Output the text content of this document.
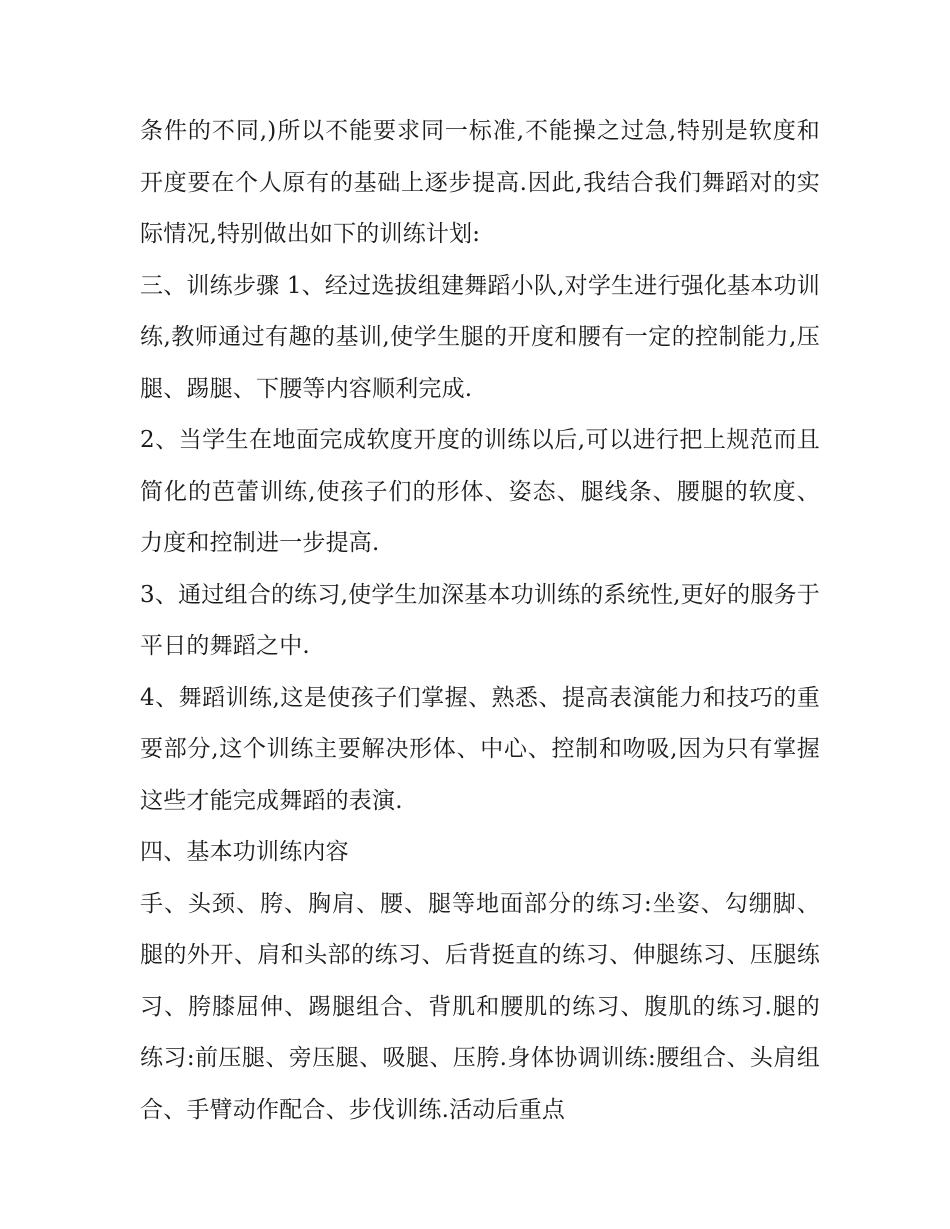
条件的不同,)所以不能要求同一标准,不能操之过急,特别是软度和开度要在个人原有的基础上逐步提高.因此,我结合我们舞蹈对的实际情况,特别做出如下的训练计划:

三、训练步骤 1、经过选拔组建舞蹈小队,对学生进行强化基本功训练,教师通过有趣的基训,使学生腿的开度和腰有一定的控制能力,压腿、踢腿、下腰等内容顺利完成.

2、当学生在地面完成软度开度的训练以后,可以进行把上规范而且简化的芭蕾训练,使孩子们的形体、姿态、腿线条、腰腿的软度、力度和控制进一步提高.

3、通过组合的练习,使学生加深基本功训练的系统性,更好的服务于平日的舞蹈之中.

4、舞蹈训练,这是使孩子们掌握、熟悉、提高表演能力和技巧的重要部分,这个训练主要解决形体、中心、控制和吻吸,因为只有掌握这些才能完成舞蹈的表演.

四、基本功训练内容

手、头颈、胯、胸肩、腰、腿等地面部分的练习:坐姿、勾绷脚、腿的外开、肩和头部的练习、后背挺直的练习、伸腿练习、压腿练习、胯膝屈伸、踢腿组合、背肌和腰肌的练习、腹肌的练习.腿的练习:前压腿、旁压腿、吸腿、压胯.身体协调训练:腰组合、头肩组合、手臂动作配合、步伐训练.活动后重点
